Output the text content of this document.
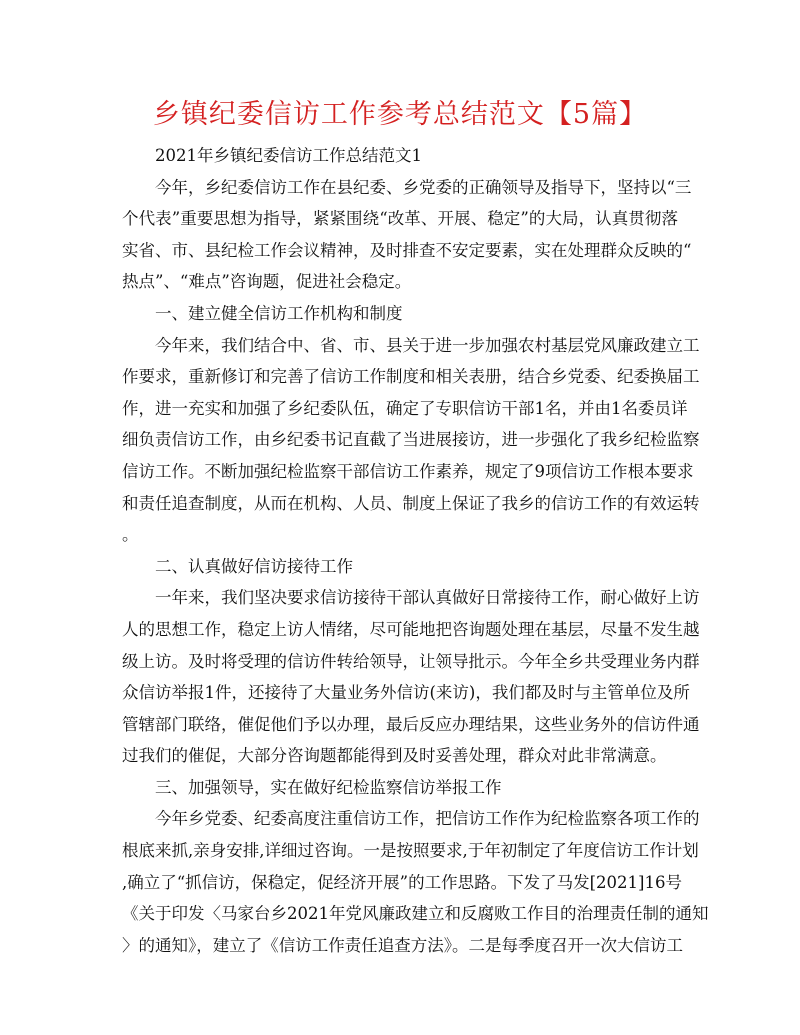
乡镇纪委信访工作参考总结范文【5篇】
2021年乡镇纪委信访工作总结范文1
今年，乡纪委信访工作在县纪委、乡党委的正确领导及指导下，坚持以“三
个代表”重要思想为指导，紧紧围绕“改革、开展、稳定”的大局，认真贯彻落
实省、市、县纪检工作会议精神，及时排查不安定要素，实在处理群众反映的“
热点”、“难点”咨询题，促进社会稳定。
一、建立健全信访工作机构和制度
今年来，我们结合中、省、市、县关于进一步加强农村基层党风廉政建立工
作要求，重新修订和完善了信访工作制度和相关表册，结合乡党委、纪委换届工
作，进一充实和加强了乡纪委队伍，确定了专职信访干部1名，并由1名委员详
细负责信访工作，由乡纪委书记直截了当进展接访，进一步强化了我乡纪检监察
信访工作。不断加强纪检监察干部信访工作素养，规定了9项信访工作根本要求
和责任追查制度，从而在机构、人员、制度上保证了我乡的信访工作的有效运转
。
二、认真做好信访接待工作
一年来，我们坚决要求信访接待干部认真做好日常接待工作，耐心做好上访
人的思想工作，稳定上访人情绪，尽可能地把咨询题处理在基层，尽量不发生越
级上访。及时将受理的信访件转给领导，让领导批示。今年全乡共受理业务内群
众信访举报1件，还接待了大量业务外信访(来访)，我们都及时与主管单位及所
管辖部门联络，催促他们予以办理，最后反应办理结果，这些业务外的信访件通
过我们的催促，大部分咨询题都能得到及时妥善处理，群众对此非常满意。
三、加强领导，实在做好纪检监察信访举报工作
今年乡党委、纪委高度注重信访工作，把信访工作作为纪检监察各项工作的
根底来抓,亲身安排,详细过咨询。一是按照要求,于年初制定了年度信访工作计划
,确立了“抓信访，保稳定，促经济开展”的工作思路。下发了马发[2021]16号
《关于印发〈马家台乡2021年党风廉政建立和反腐败工作目的治理责任制的通知
〉的通知》，建立了《信访工作责任追查方法》。二是每季度召开一次大信访工
